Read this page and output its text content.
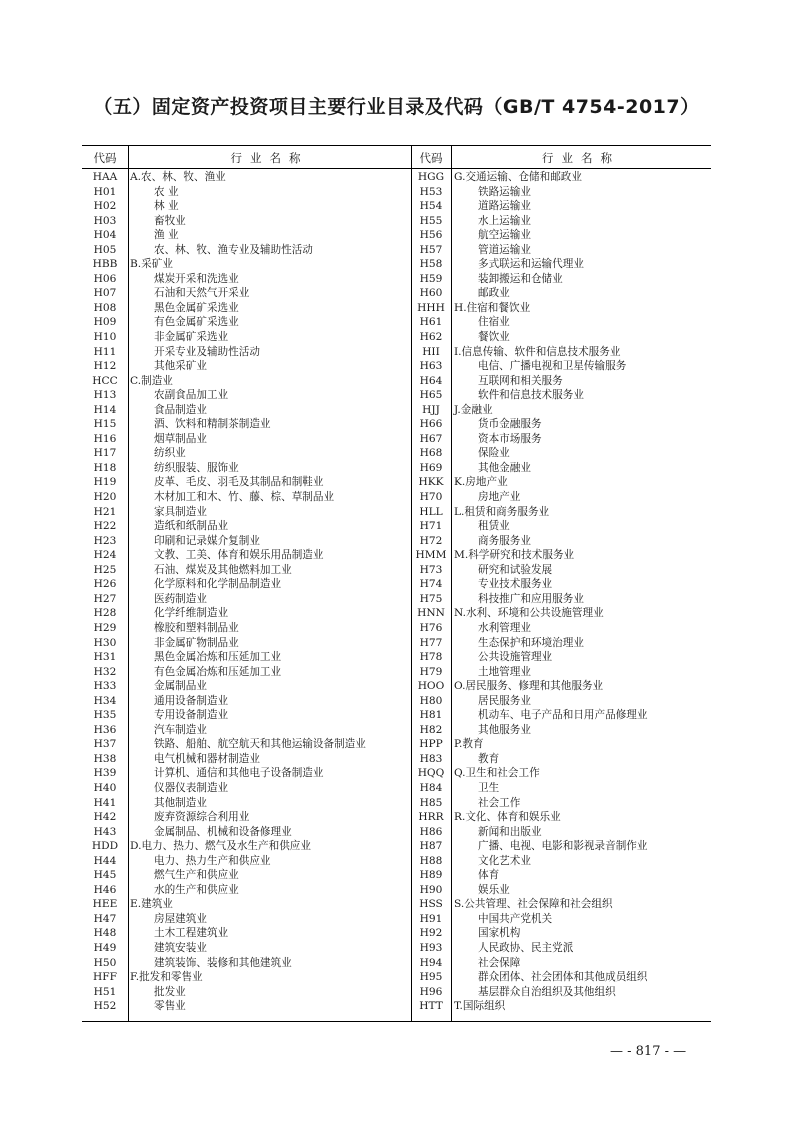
（五）固定资产投资项目主要行业目录及代码（GB/T 4754-2017）
代码	行业名称	代码	行业名称
HAA	A.农、林、牧、渔业
H01	农 业
H02	林 业
H03	畜牧业
H04	渔 业
H05	农、林、牧、渔专业及辅助性活动
HBB	B.采矿业
H06	煤炭开采和洗选业
H07	石油和天然气开采业
H08	黑色金属矿采选业
H09	有色金属矿采选业
H10	非金属矿采选业
H11	开采专业及辅助性活动
H12	其他采矿业
HCC	C.制造业
H13	农副食品加工业
H14	食品制造业
H15	酒、饮料和精制茶制造业
H16	烟草制品业
H17	纺织业
H18	纺织服装、服饰业
H19	皮革、毛皮、羽毛及其制品和制鞋业
H20	木材加工和木、竹、藤、棕、草制品业
H21	家具制造业
H22	造纸和纸制品业
H23	印刷和记录媒介复制业
H24	文教、工美、体育和娱乐用品制造业
H25	石油、煤炭及其他燃料加工业
H26	化学原料和化学制品制造业
H27	医药制造业
H28	化学纤维制造业
H29	橡胶和塑料制品业
H30	非金属矿物制品业
H31	黑色金属冶炼和压延加工业
H32	有色金属冶炼和压延加工业
H33	金属制品业
H34	通用设备制造业
H35	专用设备制造业
H36	汽车制造业
H37	铁路、船舶、航空航天和其他运输设备制造业
H38	电气机械和器材制造业
H39	计算机、通信和其他电子设备制造业
H40	仪器仪表制造业
H41	其他制造业
H42	废弃资源综合利用业
H43	金属制品、机械和设备修理业
HDD	D.电力、热力、燃气及水生产和供应业
H44	电力、热力生产和供应业
H45	燃气生产和供应业
H46	水的生产和供应业
HEE	E.建筑业
H47	房屋建筑业
H48	土木工程建筑业
H49	建筑安装业
H50	建筑装饰、装修和其他建筑业
HFF	F.批发和零售业
H51	批发业
H52	零售业
HGG G.交通运输、仓储和邮政业
H53	铁路运输业
H54	道路运输业
H55	水上运输业
H56	航空运输业
H57	管道运输业
H58	多式联运和运输代理业
H59	装卸搬运和仓储业
H60	邮政业
HHH H.住宿和餐饮业
H61	住宿业
H62	餐饮业
HII	I.信息传输、软件和信息技术服务业
H63	电信、广播电视和卫星传输服务
H64	互联网和相关服务
H65	软件和信息技术服务业
HJJ	J.金融业
H66	货币金融服务
H67	资本市场服务
H68	保险业
H69	其他金融业
HKK K.房地产业
H70	房地产业
HLL	L.租赁和商务服务业
H71	租赁业
H72	商务服务业
HMM M.科学研究和技术服务业
H73	研究和试验发展
H74	专业技术服务业
H75	科技推广和应用服务业
HNN N.水利、环境和公共设施管理业
H76	水利管理业
H77	生态保护和环境治理业
H78	公共设施管理业
H79	土地管理业
HOO O.居民服务、修理和其他服务业
H80	居民服务业
H81	机动车、电子产品和日用产品修理业
H82	其他服务业
HPP	P.教育
H83	教育
HQQ Q.卫生和社会工作
H84	卫生
H85	社会工作
HRR R.文化、体育和娱乐业
H86	新闻和出版业
H87	广播、电视、电影和影视录音制作业
H88	文化艺术业
H89	体育
H90	娱乐业
HSS	S.公共管理、社会保障和社会组织
H91	中国共产党机关
H92	国家机构
H93	人民政协、民主党派
H94	社会保障
H95	群众团体、社会团体和其他成员组织
H96	基层群众自治组织及其他组织
HTT	T.国际组织
— - 817 - —
